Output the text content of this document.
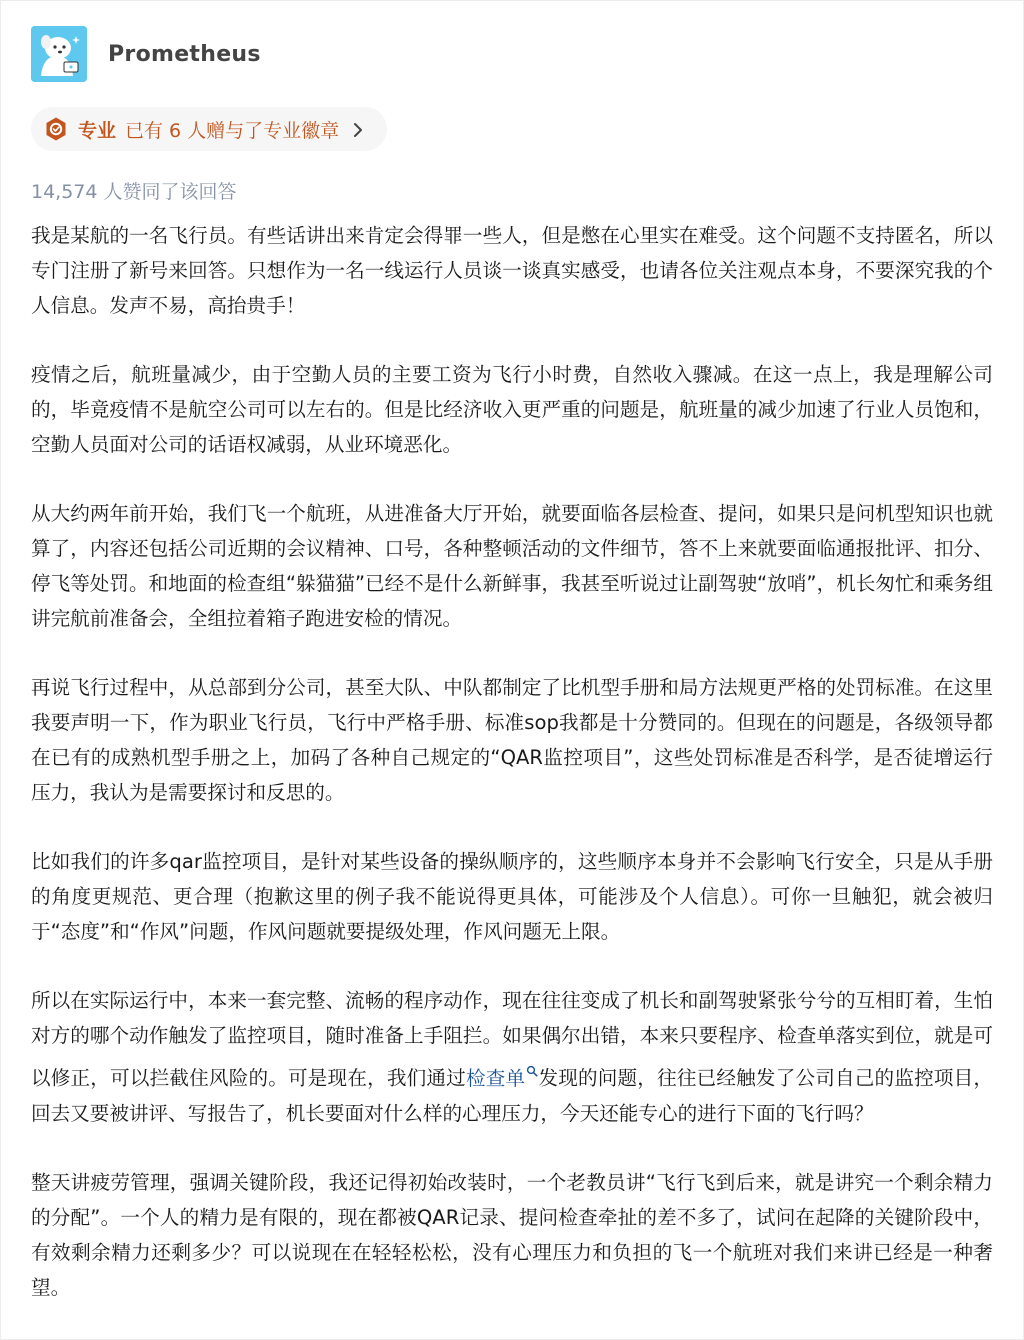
Prometheus
专业 已有 6 人赠与了专业徽章
14,574 人赞同了该回答

我是某航的一名飞行员。有些话讲出来肯定会得罪一些人，但是憋在心里实在难受。这个问题不支持匿名，所以专门注册了新号来回答。只想作为一名一线运行人员谈一谈真实感受，也请各位关注观点本身，不要深究我的个人信息。发声不易，高抬贵手！

疫情之后，航班量减少，由于空勤人员的主要工资为飞行小时费，自然收入骤减。在这一点上，我是理解公司的，毕竟疫情不是航空公司可以左右的。但是比经济收入更严重的问题是，航班量的减少加速了行业人员饱和，空勤人员面对公司的话语权减弱，从业环境恶化。

从大约两年前开始，我们飞一个航班，从进准备大厅开始，就要面临各层检查、提问，如果只是问机型知识也就算了，内容还包括公司近期的会议精神、口号，各种整顿活动的文件细节，答不上来就要面临通报批评、扣分、停飞等处罚。和地面的检查组“躲猫猫”已经不是什么新鲜事，我甚至听说过让副驾驶“放哨”，机长匆忙和乘务组讲完航前准备会，全组拉着箱子跑进安检的情况。

再说飞行过程中，从总部到分公司，甚至大队、中队都制定了比机型手册和局方法规更严格的处罚标准。在这里我要声明一下，作为职业飞行员，飞行中严格手册、标准sop我都是十分赞同的。但现在的问题是，各级领导都在已有的成熟机型手册之上，加码了各种自己规定的“QAR监控项目”，这些处罚标准是否科学，是否徒增运行压力，我认为是需要探讨和反思的。

比如我们的许多qar监控项目，是针对某些设备的操纵顺序的，这些顺序本身并不会影响飞行安全，只是从手册的角度更规范、更合理（抱歉这里的例子我不能说得更具体，可能涉及个人信息）。可你一旦触犯，就会被归于“态度”和“作风”问题，作风问题就要提级处理，作风问题无上限。

所以在实际运行中，本来一套完整、流畅的程序动作，现在往往变成了机长和副驾驶紧张兮兮的互相盯着，生怕对方的哪个动作触发了监控项目，随时准备上手阻拦。如果偶尔出错，本来只要程序、检查单落实到位，就是可以修正，可以拦截住风险的。可是现在，我们通过检查单 发现的问题，往往已经触发了公司自己的监控项目，回去又要被讲评、写报告了，机长要面对什么样的心理压力，今天还能专心的进行下面的飞行吗？

整天讲疲劳管理，强调关键阶段，我还记得初始改装时，一个老教员讲“飞行飞到后来，就是讲究一个剩余精力的分配”。一个人的精力是有限的，现在都被QAR记录、提问检查牵扯的差不多了，试问在起降的关键阶段中，有效剩余精力还剩多少？可以说现在在轻轻松松，没有心理压力和负担的飞一个航班对我们来讲已经是一种奢望。
